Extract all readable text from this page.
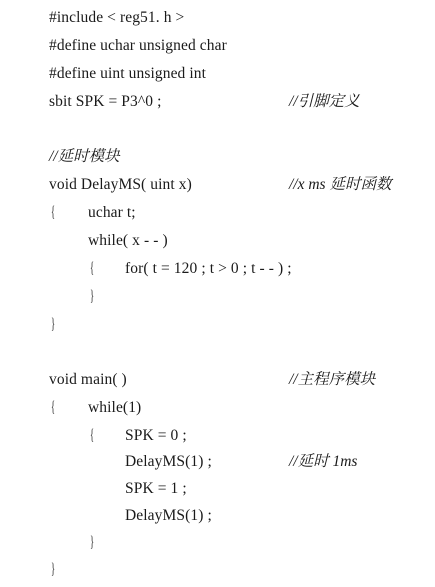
#include < reg51. h >
#define uchar unsigned char
#define uint unsigned int
sbit SPK = P3^0 ;	//引脚定义
//延时模块
void DelayMS( uint x)	//x ms 延时函数
{ uchar t;
while( x - - )
{ for( t = 120 ; t > 0 ; t - - ) ;
}
}
void main( )	//主程序模块
{ while(1)
{ SPK = 0 ;
DelayMS(1) ;	//延时 1ms
SPK = 1 ;
DelayMS(1) ;
}
}
